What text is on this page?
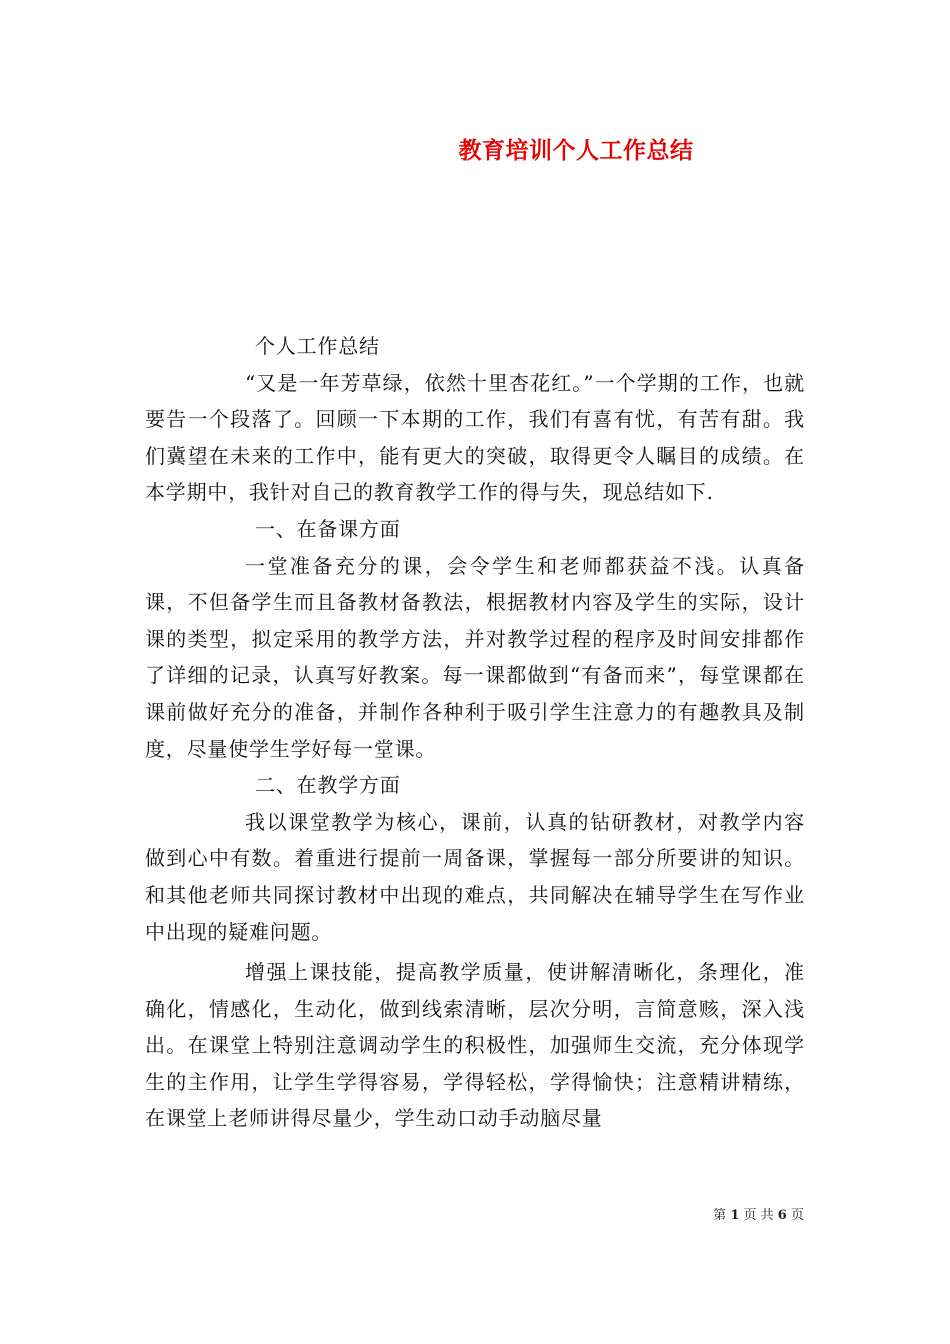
教育培训个人工作总结

个人工作总结

“又是一年芳草绿，依然十里杏花红。”一个学期的工作，也就要告一个段落了。回顾一下本期的工作，我们有喜有忧，有苦有甜。我们冀望在未来的工作中，能有更大的突破，取得更令人瞩目的成绩。在本学期中，我针对自己的教育教学工作的得与失，现总结如下.

一、在备课方面

一堂准备充分的课，会令学生和老师都获益不浅。认真备课，不但备学生而且备教材备教法，根据教材内容及学生的实际，设计课的类型，拟定采用的教学方法，并对教学过程的程序及时间安排都作了详细的记录，认真写好教案。每一课都做到“有备而来”，每堂课都在课前做好充分的准备，并制作各种利于吸引学生注意力的有趣教具及制度，尽量使学生学好每一堂课。

二、在教学方面

我以课堂教学为核心，课前，认真的钻研教材，对教学内容做到心中有数。着重进行提前一周备课，掌握每一部分所要讲的知识。和其他老师共同探讨教材中出现的难点，共同解决在辅导学生在写作业中出现的疑难问题。

增强上课技能，提高教学质量，使讲解清晰化，条理化，准确化，情感化，生动化，做到线索清晰，层次分明，言简意赅，深入浅出。在课堂上特别注意调动学生的积极性，加强师生交流，充分体现学生的主作用，让学生学得容易，学得轻松，学得愉快；注意精讲精练，在课堂上老师讲得尽量少，学生动口动手动脑尽量

第 1 页 共 6 页
